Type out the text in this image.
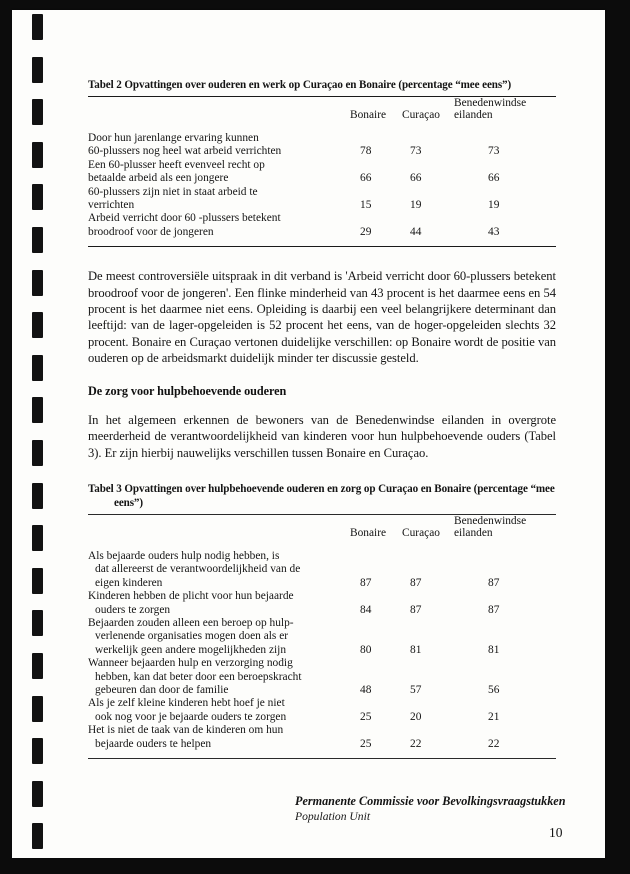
Tabel 2 Opvattingen over ouderen en werk op Curaçao en Bonaire (percentage “mee eens”)
	Bonaire	Curaçao	Benedenwindse
eilanden

Door hun jarenlange ervaring kunnen
60-plussers nog heel wat arbeid verrichten	78	73	73

Een 60-plusser heeft evenveel recht op
betaalde arbeid als een jongere	66	66	66

60-plussers zijn niet in staat arbeid te
verrichten	15	19	19

Arbeid verricht door 60 -plussers betekent
broodroof voor de jongeren	29	44	43

De meest controversiële uitspraak in dit verband is 'Arbeid verricht door 60-plussers betekent broodroof voor de jongeren'. Een flinke minderheid van 43 procent is het daarmee eens en 54 procent is het daarmee niet eens. Opleiding is daarbij een veel belangrijkere determinant dan leeftijd: van de lager-opgeleiden is 52 procent het eens, van de hoger-opgeleiden slechts 32 procent. Bonaire en Curaçao vertonen duidelijke verschillen: op Bonaire wordt de positie van ouderen op de arbeidsmarkt duidelijk minder ter discussie gesteld.

De zorg voor hulpbehoevende ouderen

In het algemeen erkennen de bewoners van de Benedenwindse eilanden in overgrote meerderheid de verantwoordelijkheid van kinderen voor hun hulpbehoevende ouders (Tabel 3). Er zijn hierbij nauwelijks verschillen tussen Bonaire en Curaçao.

Tabel 3 Opvattingen over hulpbehoevende ouderen en zorg op Curaçao en Bonaire (percentage “mee
eens”)
	Bonaire	Curaçao	Benedenwindse
eilanden

Als bejaarde ouders hulp nodig hebben, is
dat allereerst de verantwoordelijkheid van de
eigen kinderen	87	87	87

Kinderen hebben de plicht voor hun bejaarde
ouders te zorgen	84	87	87

Bejaarden zouden alleen een beroep op hulp-
verlenende organisaties mogen doen als er
werkelijk geen andere mogelijkheden zijn	80	81	81

Wanneer bejaarden hulp en verzorging nodig
hebben, kan dat beter door een beroepskracht
gebeuren dan door de familie	48	57	56

Als je zelf kleine kinderen hebt hoef je niet
ook nog voor je bejaarde ouders te zorgen	25	20	21

Het is niet de taak van de kinderen om hun
bejaarde ouders te helpen	25	22	22

Permanente Commissie voor Bevolkingsvraagstukken
Population Unit
10
